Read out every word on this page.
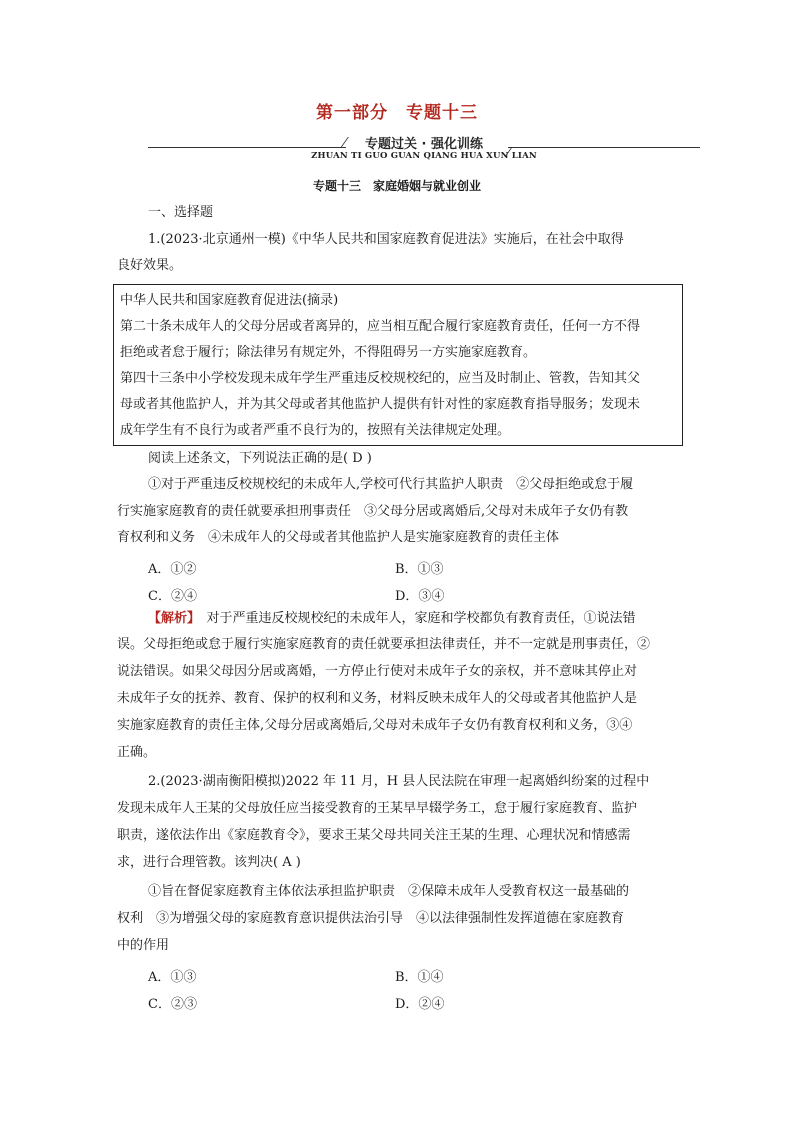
第一部分　专题十三
专题过关 · 强化训练
ZHUAN TI GUO GUAN QIANG HUA XUN LIAN
专题十三　家庭婚姻与就业创业
一、选择题
1.(2023·北京通州一模)《中华人民共和国家庭教育促进法》实施后，在社会中取得
良好效果。
中华人民共和国家庭教育促进法(摘录)
第二十条未成年人的父母分居或者离异的，应当相互配合履行家庭教育责任，任何一方不得
拒绝或者怠于履行；除法律另有规定外，不得阻碍另一方实施家庭教育。
第四十三条中小学校发现未成年学生严重违反校规校纪的，应当及时制止、管教，告知其父
母或者其他监护人，并为其父母或者其他监护人提供有针对性的家庭教育指导服务；发现未
成年学生有不良行为或者严重不良行为的，按照有关法律规定处理。
阅读上述条文，下列说法正确的是( D )
①对于严重违反校规校纪的未成年人,学校可代行其监护人职责　②父母拒绝或怠于履
行实施家庭教育的责任就要承担刑事责任　③父母分居或离婚后,父母对未成年子女仍有教
育权利和义务　④未成年人的父母或者其他监护人是实施家庭教育的责任主体
A．①②	B．①③
C．②④	D．③④
【解析】　对于严重违反校规校纪的未成年人，家庭和学校都负有教育责任，①说法错
误。父母拒绝或怠于履行实施家庭教育的责任就要承担法律责任，并不一定就是刑事责任，②
说法错误。如果父母因分居或离婚，一方停止行使对未成年子女的亲权，并不意味其停止对
未成年子女的抚养、教育、保护的权利和义务，材料反映未成年人的父母或者其他监护人是
实施家庭教育的责任主体,父母分居或离婚后,父母对未成年子女仍有教育权利和义务，③④
正确。
2.(2023·湖南衡阳模拟)2022 年 11 月，H 县人民法院在审理一起离婚纠纷案的过程中
发现未成年人王某的父母放任应当接受教育的王某早早辍学务工，怠于履行家庭教育、监护
职责，遂依法作出《家庭教育令》，要求王某父母共同关注王某的生理、心理状况和情感需
求，进行合理管教。该判决( A )
①旨在督促家庭教育主体依法承担监护职责　②保障未成年人受教育权这一最基础的
权利　③为增强父母的家庭教育意识提供法治引导　④以法律强制性发挥道德在家庭教育
中的作用
A．①③	B．①④
C．②③	D．②④
